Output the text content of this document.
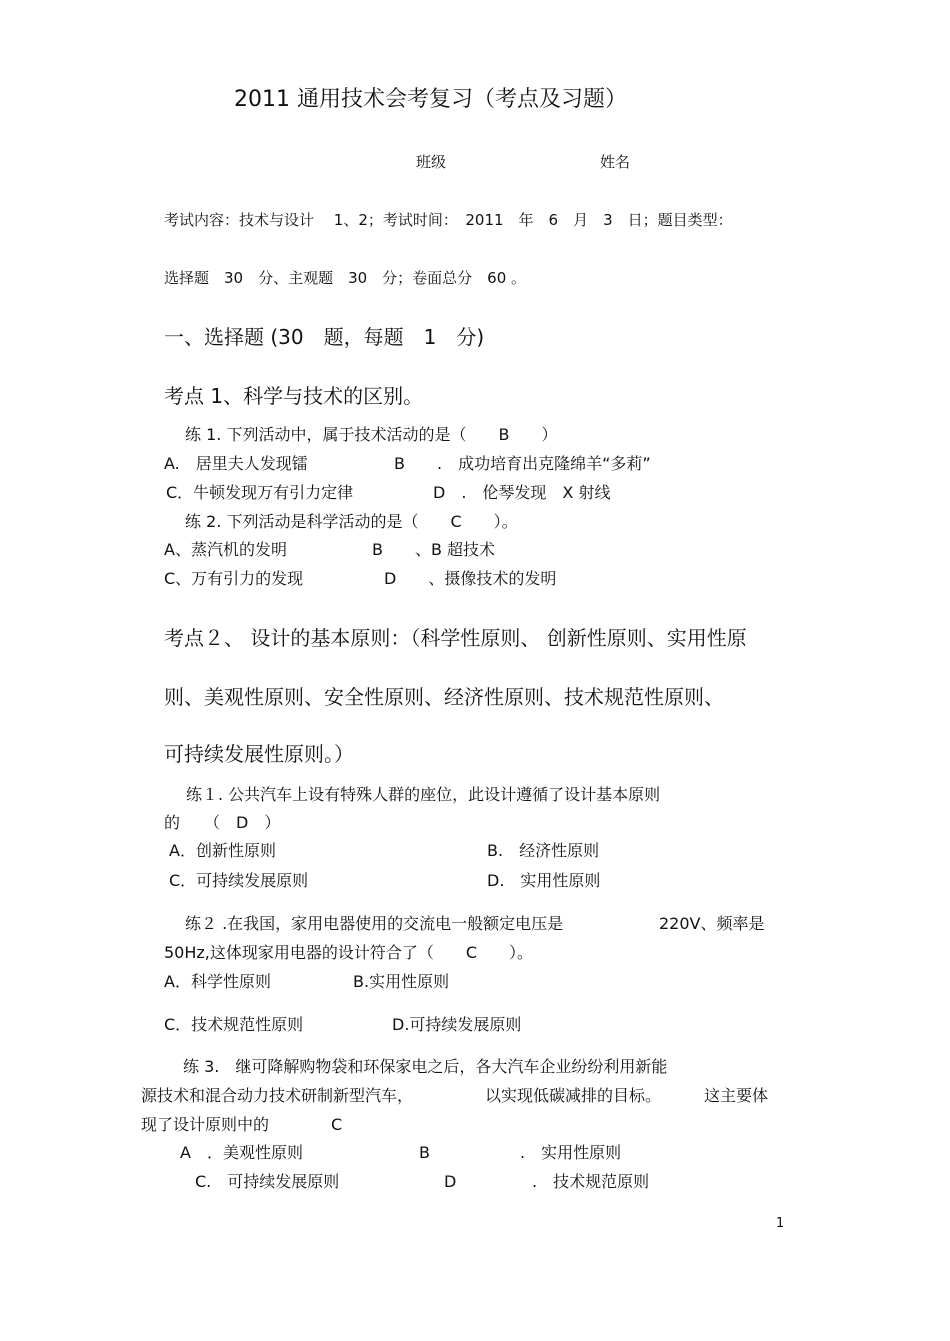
2011 通用技术会考复习（考点及习题）
班级	姓名
考试内容：技术与设计　 1、2；考试时间：　2011　年　6　月　3　日；题目类型：
选择题　30　分、主观题　30　分；卷面总分　60 。
一、选择题 (30　题，每题　1　分)
考点 1、科学与技术的区别。
练 1. 下列活动中，属于技术活动的是（　　B　　）
A.　居里夫人发现镭	B　　.　成功培育出克隆绵羊“多莉”
C．牛顿发现万有引力定律	D　.　伦琴发现　X 射线
练 2. 下列活动是科学活动的是（　　C　　）。
A、蒸汽机的发明	B　　、B 超技术
C、万有引力的发现	D　　、摄像技术的发明
考点２、 设计的基本原则：（科学性原则、 创新性原则、实用性原
则、美观性原则、安全性原则、经济性原则、技术规范性原则、
可持续发展性原则。）
练１. 公共汽车上设有特殊人群的座位，此设计遵循了设计基本原则
的　　（　D　）
A．创新性原则	B.　经济性原则
C．可持续发展原则	D.　实用性原则
练２ .在我国，家用电器使用的交流电一般额定电压是	220V、频率是
50Hz,这体现家用电器的设计符合了（　　C　　）。
A．科学性原则	B.实用性原则
C．技术规范性原则	D.可持续发展原则
练 3.　继可降解购物袋和环保家电之后，各大汽车企业纷纷利用新能
源技术和混合动力技术研制新型汽车，	以实现低碳减排的目标。	这主要体
现了设计原则中的	C
A　．美观性原则	B	.　实用性原则
C.　可持续发展原则	D	.　技术规范原则
1
